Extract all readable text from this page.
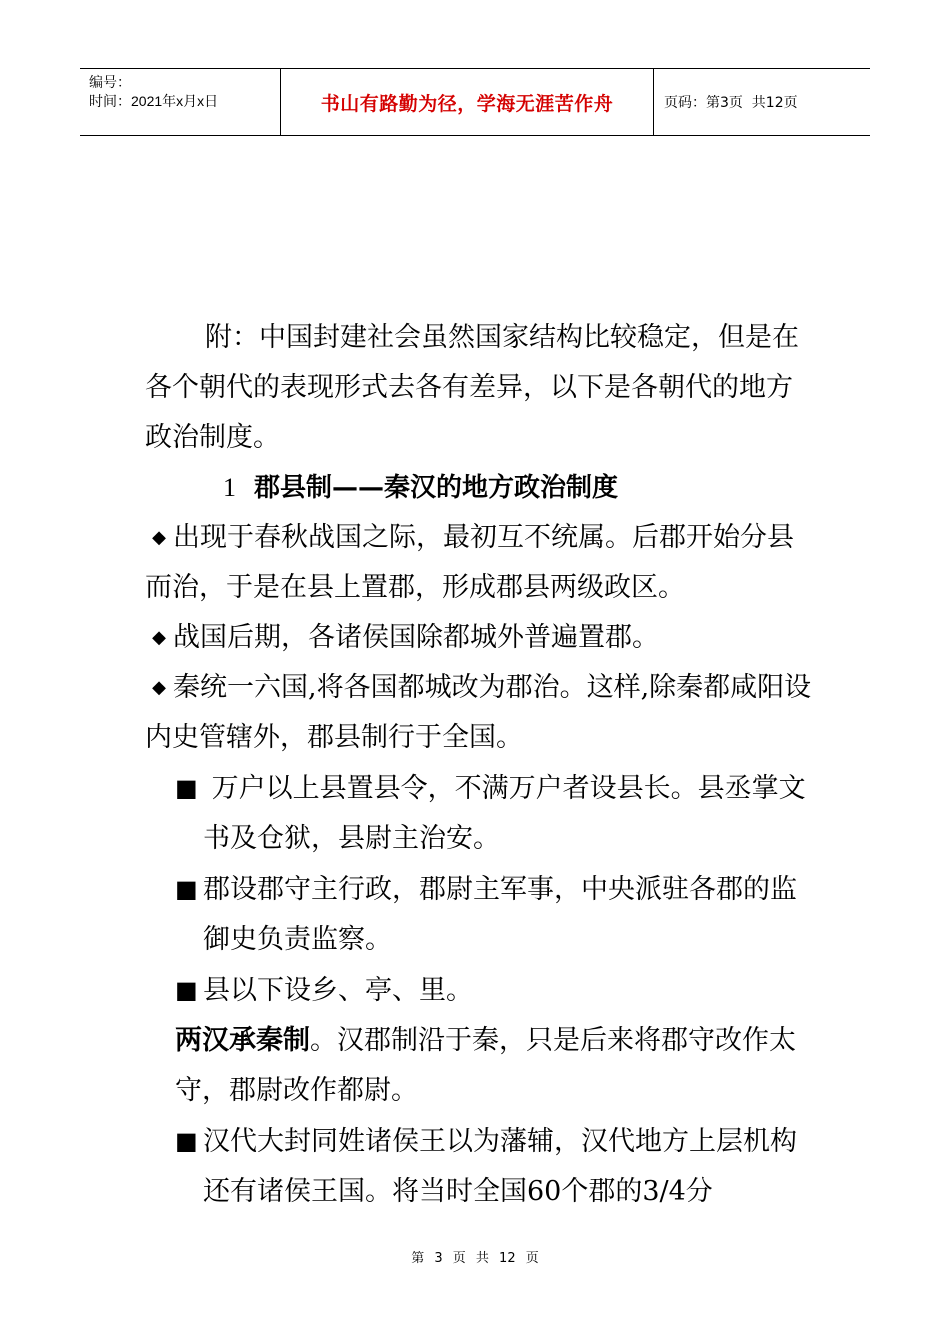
编号：
时间：2021年x月x日	书山有路勤为径，学海无涯苦作舟	页码：第3页  共12页

附：中国封建社会虽然国家结构比较稳定，但是在各个朝代的表现形式去各有差异，以下是各朝代的地方政治制度。

1 郡县制——秦汉的地方政治制度

◆ 出现于春秋战国之际，最初互不统属。后郡开始分县而治，于是在县上置郡，形成郡县两级政区。

◆ 战国后期，各诸侯国除都城外普遍置郡。

◆ 秦统一六国,将各国都城改为郡治。这样,除秦都咸阳设内史管辖外，郡县制行于全国。

■ 万户以上县置县令，不满万户者设县长。县丞掌文书及仓狱，县尉主治安。

■ 郡设郡守主行政，郡尉主军事，中央派驻各郡的监御史负责监察。

■ 县以下设乡、亭、里。

两汉承秦制。汉郡制沿于秦，只是后来将郡守改作太守，郡尉改作都尉。

■ 汉代大封同姓诸侯王以为藩辅，汉代地方上层机构还有诸侯王国。将当时全国60个郡的3/4分

第 3 页 共 12 页
